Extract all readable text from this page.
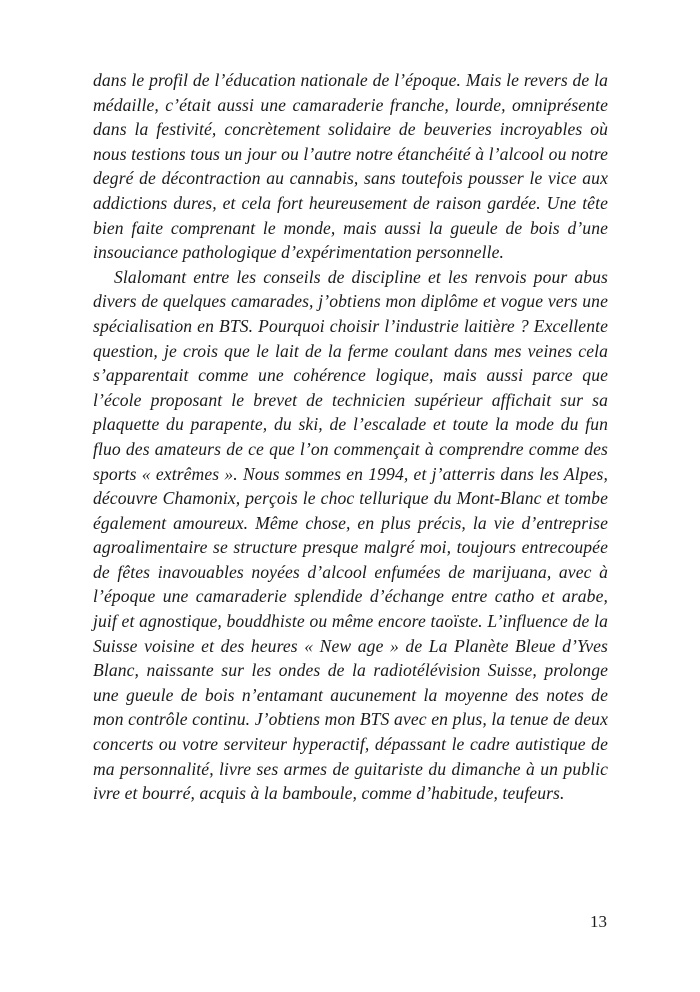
dans le profil de l’éducation nationale de l’époque. Mais le revers de la médaille, c’était aussi une camaraderie franche, lourde, omniprésente dans la festivité, concrètement solidaire de beuveries incroyables où nous testions tous un jour ou l’autre notre étanchéité à l’alcool ou notre degré de décontraction au cannabis, sans toutefois pousser le vice aux addictions dures, et cela fort heureusement de raison gardée. Une tête bien faite comprenant le monde, mais aussi la gueule de bois d’une insouciance pathologique d’expérimentation personnelle.

Slalomant entre les conseils de discipline et les renvois pour abus divers de quelques camarades, j’obtiens mon diplôme et vogue vers une spécialisation en BTS. Pourquoi choisir l’industrie laitière ? Excellente question, je crois que le lait de la ferme coulant dans mes veines cela s’apparentait comme une cohérence logique, mais aussi parce que l’école proposant le brevet de technicien supérieur affichait sur sa plaquette du parapente, du ski, de l’escalade et toute la mode du fun fluo des amateurs de ce que l’on commençait à comprendre comme des sports « extrêmes ». Nous sommes en 1994, et j’atterris dans les Alpes, découvre Chamonix, perçois le choc tellurique du Mont-Blanc et tombe également amoureux. Même chose, en plus précis, la vie d’entreprise agroalimentaire se structure presque malgré moi, toujours entrecoupée de fêtes inavouables noyées d’alcool enfumées de marijuana, avec à l’époque une camaraderie splendide d’échange entre catho et arabe, juif et agnostique, bouddhiste ou même encore taoïste. L’influence de la Suisse voisine et des heures « New age » de La Planète Bleue d’Yves Blanc, naissante sur les ondes de la radiotélévision Suisse, prolonge une gueule de bois n’entamant aucunement la moyenne des notes de mon contrôle continu. J’obtiens mon BTS avec en plus, la tenue de deux concerts ou votre serviteur hyperactif, dépassant le cadre autistique de ma personnalité, livre ses armes de guitariste du dimanche à un public ivre et bourré, acquis à la bamboule, comme d’habitude, teufeurs.

13
